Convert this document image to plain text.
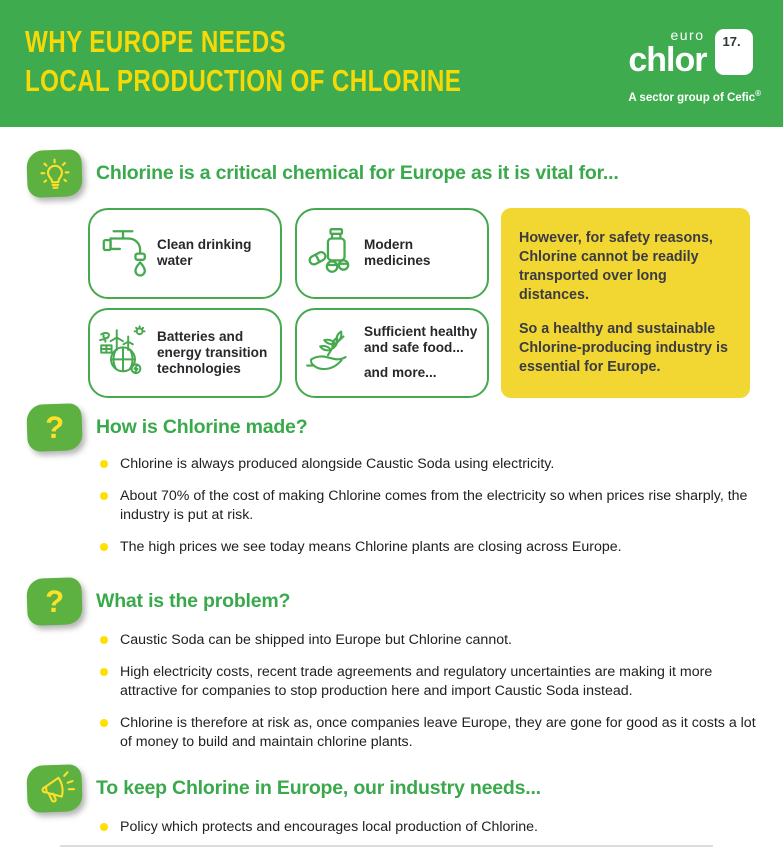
WHY EUROPE NEEDS
LOCAL PRODUCTION OF CHLORINE
euro
chlor	17.
A sector group of Cefic®
Chlorine is a critical chemical for Europe as it is vital for...
Clean drinking water
Modern medicines
Batteries and energy transition technologies
Sufficient healthy and safe food...
and more...

However, for safety reasons, Chlorine cannot be readily transported over long distances.

So a healthy and sustainable Chlorine-producing industry is essential for Europe.

? How is Chlorine made?
Chlorine is always produced alongside Caustic Soda using electricity.
About 70% of the cost of making Chlorine comes from the electricity so when prices rise sharply, the industry is put at risk.
The high prices we see today means Chlorine plants are closing across Europe.
? What is the problem?
Caustic Soda can be shipped into Europe but Chlorine cannot.
High electricity costs, recent trade agreements and regulatory uncertainties are making it more attractive for companies to stop production here and import Caustic Soda instead.
Chlorine is therefore at risk as, once companies leave Europe, they are gone for good as it costs a lot of money to build and maintain chlorine plants.
To keep Chlorine in Europe, our industry needs...
Policy which protects and encourages local production of Chlorine.
